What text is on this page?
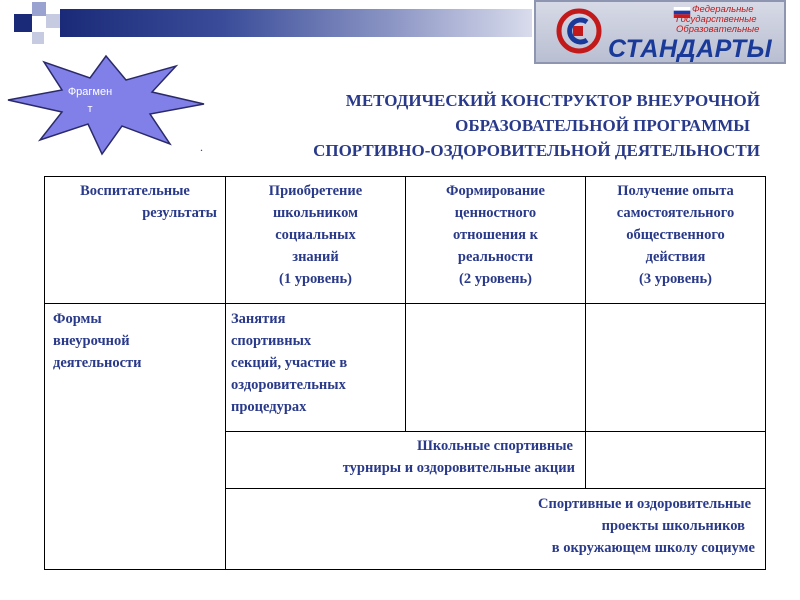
Федеральные
Государственные
Образовательные
СТАНДАРТЫ
Фрагмен
т	МЕТОДИЧЕСКИЙ КОНСТРУКТОР ВНЕУРОЧНОЙ
ОБРАЗОВАТЕЛЬНОЙ ПРОГРАММЫ
СПОРТИВНО-ОЗДОРОВИТЕЛЬНОЙ ДЕЯТЕЛЬНОСТИ
.
Воспитательные
результаты
Приобретение
школьником
социальных
знаний
(1 уровень)
Формирование
ценностного
отношения к
реальности
(2 уровень)
Получение опыта
самостоятельного
общественного
действия
(3 уровень)
Формы
внеурочной
деятельности
Занятия
спортивных
секций, участие в
оздоровительных
процедурах
Школьные спортивные
турниры и оздоровительные акции
Спортивные и оздоровительные
проекты школьников
в окружающем школу социуме
